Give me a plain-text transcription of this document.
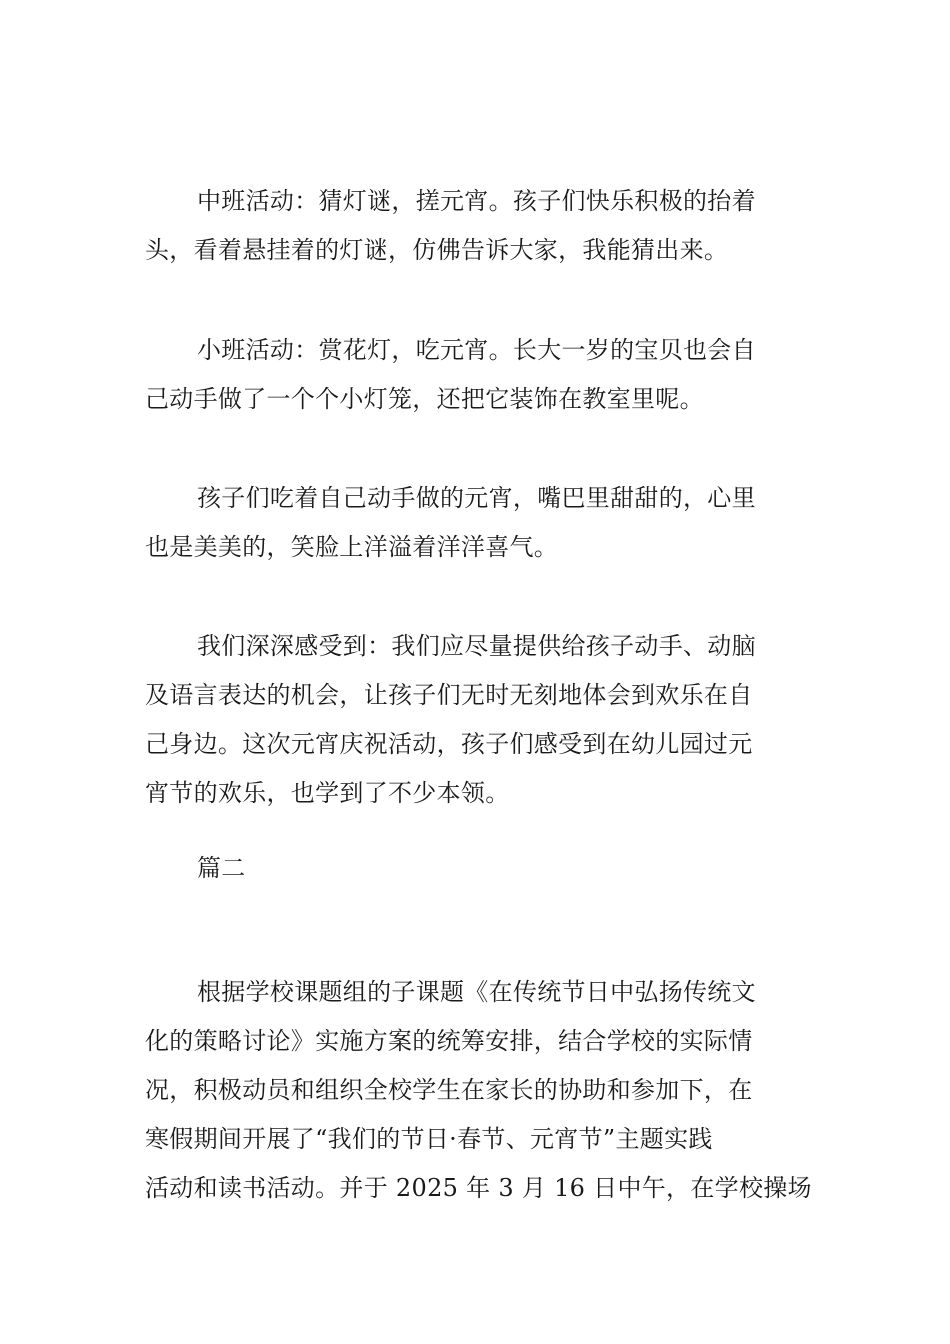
中班活动：猜灯谜，搓元宵。孩子们快乐积极的抬着
头，看着悬挂着的灯谜，仿佛告诉大家，我能猜出来。

小班活动：赏花灯，吃元宵。长大一岁的宝贝也会自
己动手做了一个个小灯笼，还把它装饰在教室里呢。

孩子们吃着自己动手做的元宵，嘴巴里甜甜的，心里
也是美美的，笑脸上洋溢着洋洋喜气。

我们深深感受到：我们应尽量提供给孩子动手、动脑
及语言表达的机会，让孩子们无时无刻地体会到欢乐在自
己身边。这次元宵庆祝活动，孩子们感受到在幼儿园过元
宵节的欢乐，也学到了不少本领。

篇二

根据学校课题组的子课题《在传统节日中弘扬传统文
化的策略讨论》实施方案的统筹安排，结合学校的实际情
况，积极动员和组织全校学生在家长的协助和参加下，在
寒假期间开展了“我们的节日·春节、元宵节”主题实践
活动和读书活动。并于 2025 年 3 月 16 日中午，在学校操场
